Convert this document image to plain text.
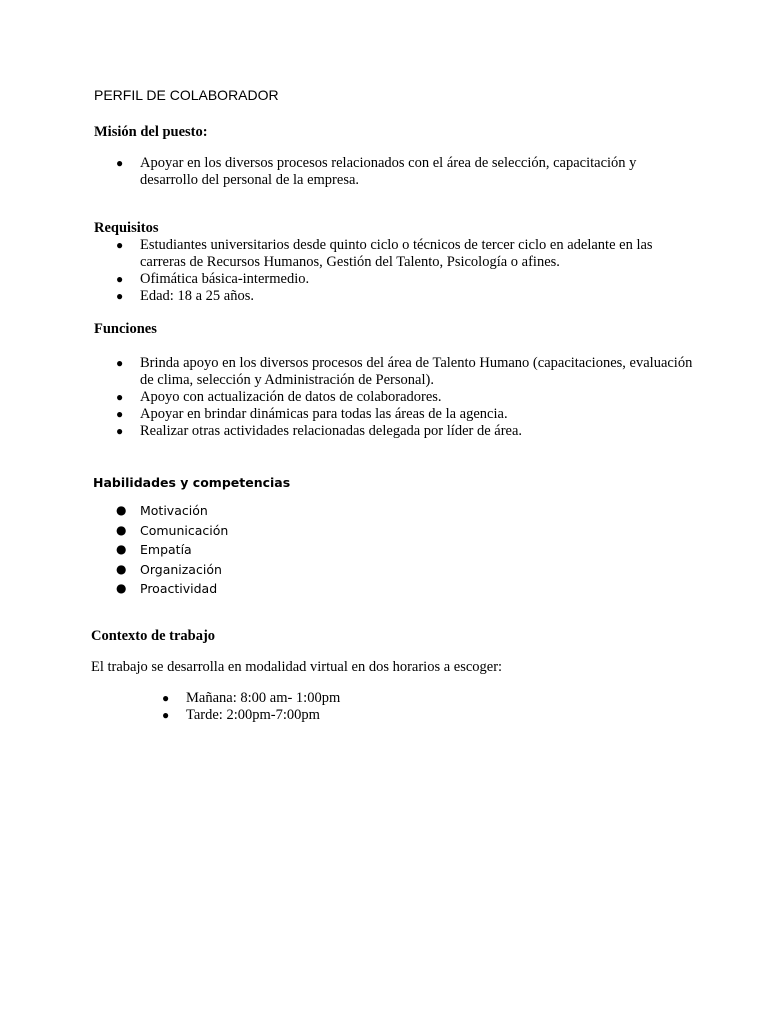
PERFIL DE COLABORADOR
Misión del puesto:
● Apoyar en los diversos procesos relacionados con el área de selección, capacitación y desarrollo del personal de la empresa.
Requisitos
● Estudiantes universitarios desde quinto ciclo o técnicos de tercer ciclo en adelante en las carreras de Recursos Humanos, Gestión del Talento, Psicología o afines.
● Ofimática básica-intermedio.
● Edad: 18 a 25 años.
Funciones
● Brinda apoyo en los diversos procesos del área de Talento Humano (capacitaciones, evaluación de clima, selección y Administración de Personal).
● Apoyo con actualización de datos de colaboradores.
● Apoyar en brindar dinámicas para todas las áreas de la agencia.
● Realizar otras actividades relacionadas delegada por líder de área.
Habilidades y competencias
● Motivación
● Comunicación
● Empatía
● Organización
● Proactividad
Contexto de trabajo

El trabajo se desarrolla en modalidad virtual en dos horarios a escoger:

● Mañana: 8:00 am- 1:00pm
● Tarde: 2:00pm-7:00pm
